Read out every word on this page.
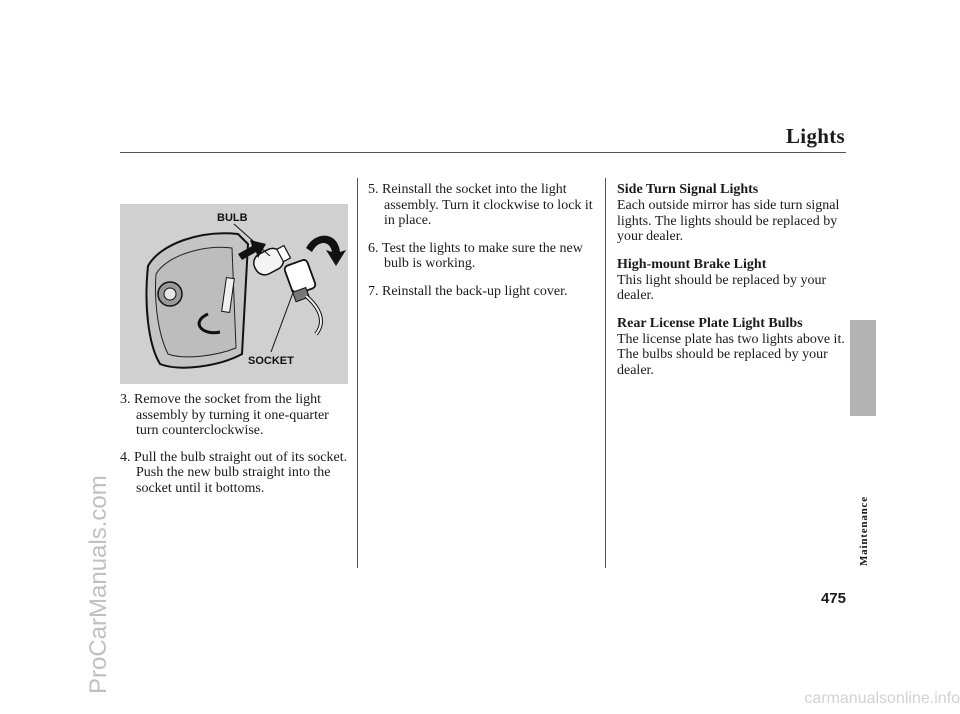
Lights
BULB
SOCKET

3. Remove the socket from the light assembly by turning it one-quarter turn counterclockwise.

4. Pull the bulb straight out of its socket. Push the new bulb straight into the socket until it bottoms.

5. Reinstall the socket into the light assembly. Turn it clockwise to lock it in place.

6. Test the lights to make sure the new bulb is working.

7. Reinstall the back-up light cover.

Side Turn Signal Lights

Each outside mirror has side turn signal lights. The lights should be replaced by your dealer.

High-mount Brake Light

This light should be replaced by your dealer.

Rear License Plate Light Bulbs

The license plate has two lights above it. The bulbs should be replaced by your dealer.

Maintenance
475
ProCarManuals.com
carmanualsonline.info
